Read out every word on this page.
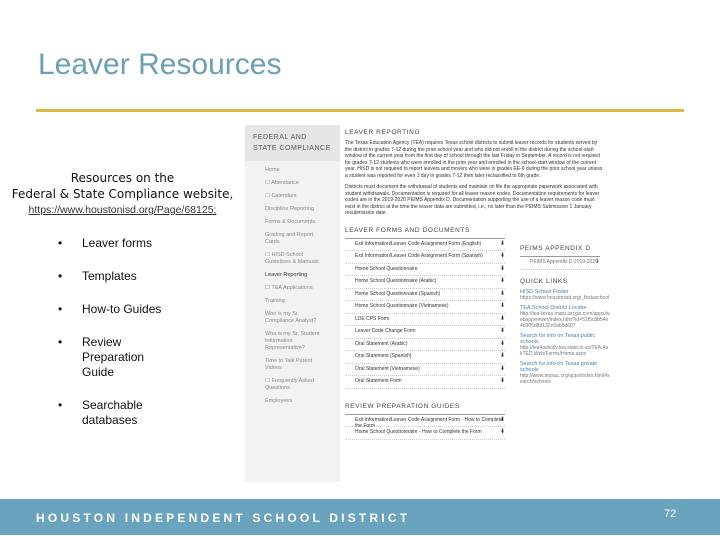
Leaver Resources
Resources on the
Federal & State Compliance website,
https://www.houstonisd.org/Page/68125;
• Leaver forms
• Templates
• How-to Guides
• Review Preparation Guide
• Searchable databases
FEDERAL AND STATE COMPLIANCE
Home
☐ Attendance
☐ Calendars
Discipline Reporting
Forms & Documents
Grading and Report Cards
☐ HISD School Guidelines & Manuals
Leaver Reporting
☐ TEA Applications
Training
Who is my Sr. Compliance Analyst?
Who is my Sr. Student Information Representative?
Time to Talk Parent Videos
☐ Frequently Asked Questions
Employees
LEAVER REPORTING
The Texas Education Agency (TEA) requires Texas school districts to submit leaver records for students served by the district in grades 7-12 during the prior school year and who did not enroll in the district during the school-start window of the current year from the first day of school through the last Friday in September. A record is not required for grades 7-12 students who were enrolled in the prior year and enrolled in the school-start window of the current year. HISD is not required to report leavers and movers who were in grades EE-6 during the prior school year unless a student was reported for even 1 day in grades 7-12 then later reclassified to 6th grade.
Districts must document the withdrawal of students and maintain on file the appropriate paperwork associated with student withdrawals. Documentation is required for all leaver reason codes. Documentation requirements for leaver codes are in the 2019-2020 PEIMS Appendix D. Documentation supporting the use of a leaver reason code must exist in the district at the time the leaver data are submitted, i.e., no later than the PEIMS Submission 1 January resubmission date.
LEAVER FORMS AND DOCUMENTS
Exit Information/Leaver Code Assignment Form (English) ⬇
Exit Information/Leaver Code Assignment Form (Spanish) ⬇
Home School Questionnaire ⬇
Home School Questionnaire (Arabic) ⬇
Home School Questionnaire (Spanish) ⬇
Home School Questionnaire (Vietnamese) ⬇
LDE CPS Form ⬇
Leaver Code Change Form ⬇
Oral Statement (Arabic) ⬇
Oral Statement (Spanish) ⬇
Oral Statement (Vietnamese) ⬇
Oral Statement Form ⬇
REVIEW PREPARATION GUIDES
Exit Information/Leaver Code Assignment Form - How to Complete the Form ⬇
Home School Questionnaire - How to Complete the Form ⬇
PEIMS APPENDIX D
PEIMS Appendix D 2019-2020 ⬇
QUICK LINKS
HISD School Finder
https://www.houstonisd.org/_findaschool
TEA School District Locator
http://tea-texas.maps.arcgis.com/apps/webappviewer/index.html?id=51f5c8b54e4d305d8d132e5ab5d607
Search for info on Texas public schools
http://tea4avholly.tea.state.tx.us/TEA.AskTED.Web/Forms/Home.aspx
Search for info on Texas private schools
http://www.tepsac.org/apps/index.html#search/schools
HOUSTON INDEPENDENT SCHOOL DISTRICT	72
